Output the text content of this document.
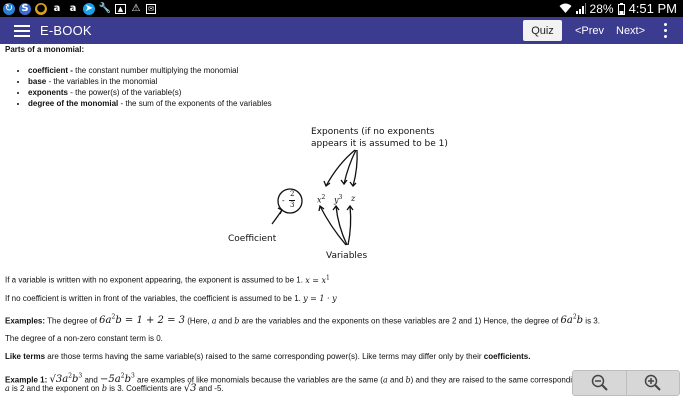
↻ S ● a a ➤ 🔧 ▲ ⚠ ✉	28% 4:51 PM
E-BOOK	Quiz	<Prev Next>
Parts of a monomial:
• coefficient - the constant number multiplying the monomial
• base - the variables in the monomial
• exponents - the power(s) of the variable(s)
• degree of the monomial - the sum of the exponents of the variables
Exponents (if no exponents
appears it is assumed to be 1)
-
2
3
$x^2$ $y^3$ z
Coefficient
Variables
If a variable is written with no exponent appearing, the exponent is assumed to be 1. $x = x^1$
If no coefficient is written in front of the variables, the coefficient is assumed to be 1. y = 1 · y
Examples: The degree of $6a^2b = 1 + 2 = 3$ (Here, a and b are the variables and the exponents on these variables are 2 and 1) Hence, the degree of $6a^2b$ is 3.
The degree of a non-zero constant term is 0.
Like terms are those terms having the same variable(s) raised to the same corresponding power(s). Like terms may differ only by their coefficients.
Example 1: $√3a^2b^3$ and $-5a^2b^3$ are examples of like monomials because the variables are the same (a and b) and they are raised to the same correspondi
a is 2 and the exponent on b is 3. Coefficients are √3 and -5.
